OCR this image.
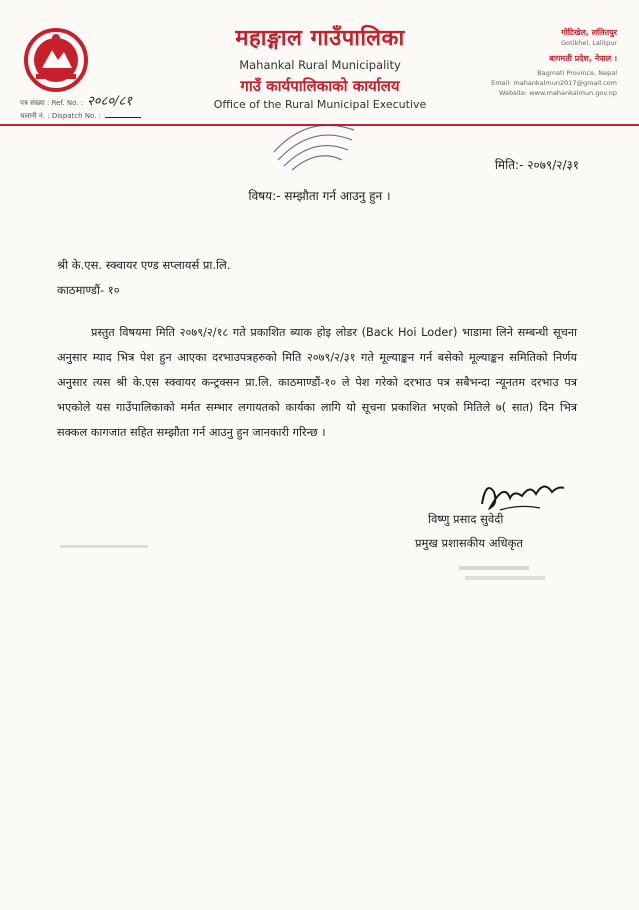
पत्र संख्या : Ref. No. : २०८०/८१
चलानी नं. : Dispatch No. :
महाङ्गाल गाउँपालिका
Mahankal Rural Municipality
गाउँ कार्यपालिकाको कार्यालय
Office of the Rural Municipal Executive
गोटिखेल, ललितपुर
Gotikhel, Lalitpur
बागमती प्रदेश, नेपाल ।
Bagmati Province, Nepal
Email: mahankalmun2017@gmail.com
Website: www.mahankalmun.gov.np
मिति:- २०७९/२/३१
विषय:- सम्झौता गर्न आउनु हुन ।
श्री के.एस. स्क्वायर एण्ड सप्लायर्स प्रा.लि.
काठमाण्डौं- १०
प्रस्तुत विषयमा मिति २०७९/२/१८ गते प्रकाशित ब्याक होइ लोडर (Back Hoi Loder) भाडामा लिने सम्बन्धी सूचना अनुसार म्याद भित्र पेश हुन आएका दरभाउपत्रहरुको मिति २०७९/२/३१ गते मूल्याङ्कन गर्न बसेको मूल्याङ्कन समितिको निर्णय अनुसार त्यस श्री के.एस स्क्वायर कन्ट्रक्सन प्रा.लि. काठमाण्डौं-१० ले पेश गरेको दरभाउ पत्र सबैभन्दा न्यूनतम दरभाउ पत्र भएकोले यस गाउँपालिकाको मर्मत सम्भार लगायतको कार्यका लागि यो सूचना प्रकाशित भएको मितिले ७( सात) दिन भित्र सक्कल कागजात सहित सम्झौता गर्न आउनु हुन जानकारी गरिन्छ ।
विष्णु प्रसाद सुवेदी
प्रमुख प्रशासकीय अधिकृत
